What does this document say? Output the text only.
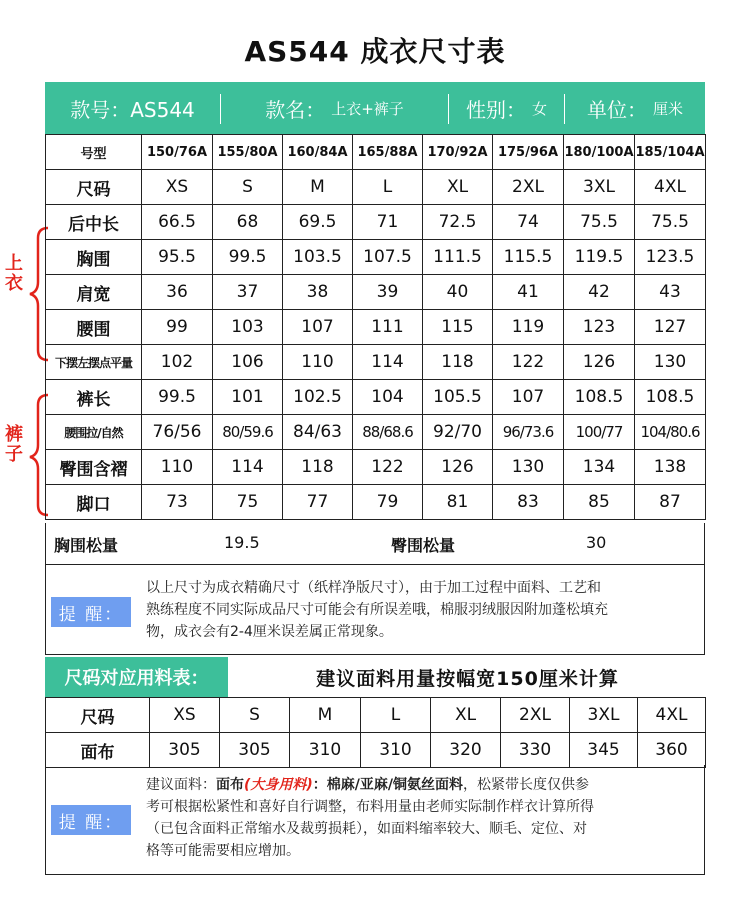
AS544 成衣尺寸表
款号：AS544	款名： 上衣+裤子	性别： 女 单位： 厘米
上衣
裤子
号型	150/76A	155/80A	160/84A	165/88A	170/92A	175/96A	180/100A	185/104A
尺码	XS	S	M	L	XL	2XL	3XL	4XL
后中长	66.5	68	69.5	71	72.5	74	75.5	75.5
胸围	95.5	99.5	103.5	107.5	111.5	115.5	119.5	123.5
肩宽	36	37	38	39	40	41	42	43
腰围	99	103	107	111	115	119	123	127
下摆左摆点平量	102	106	110	114	118	122	126	130
裤长	99.5	101	102.5	104	105.5	107	108.5	108.5
腰围拉/自然	76/56	80/59.6	84/63	88/68.6	92/70	96/73.6	100/77	104/80.6
臀围含褶	110	114	118	122	126	130	134	138
脚口	73	75	77	79	81	83	85	87
胸围松量	19.5	臀围松量	30
提 醒：
以上尺寸为成衣精确尺寸（纸样净版尺寸），由于加工过程中面料、工艺和
熟练程度不同实际成品尺寸可能会有所误差哦，棉服羽绒服因附加蓬松填充
物，成衣会有2-4厘米误差属正常现象。
尺码对应用料表：	建议面料用量按幅宽150厘米计算
尺码	XS	S	M	L	XL	2XL	3XL	4XL
面布	305	305	310	310	320	330	345	360
提 醒：
建议面料：面布(大身用料)：棉麻/亚麻/铜氨丝面料，松紧带长度仅供参
考可根据松紧性和喜好自行调整，布料用量由老师实际制作样衣计算所得
（已包含面料正常缩水及裁剪损耗），如面料缩率较大、顺毛、定位、对
格等可能需要相应增加。
